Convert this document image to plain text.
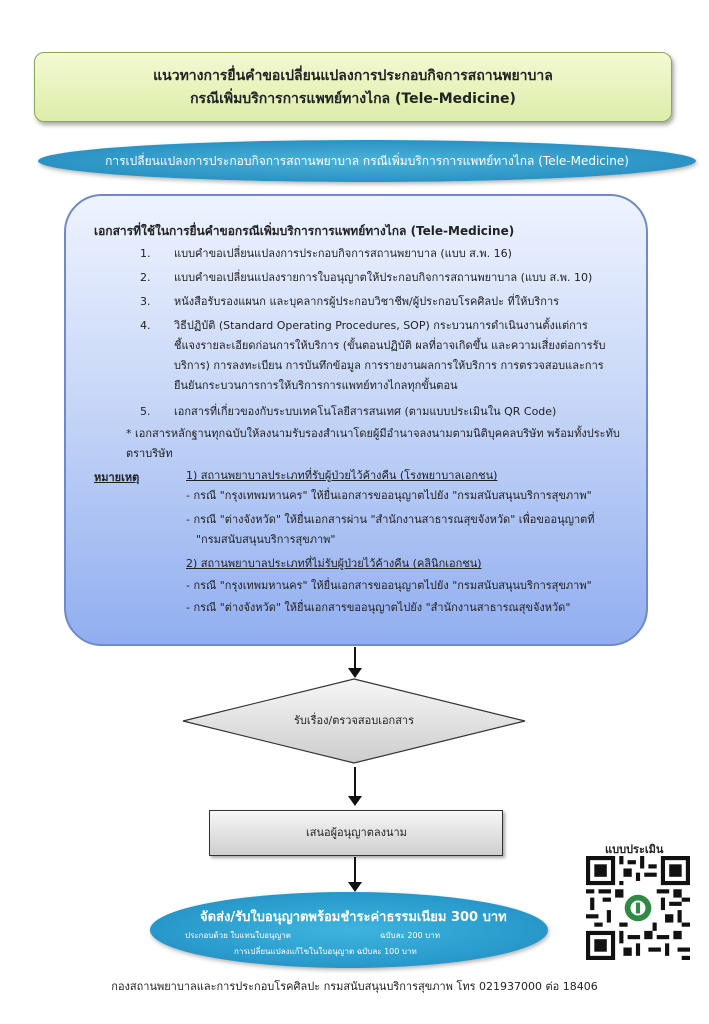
แนวทางการยื่นคำขอเปลี่ยนแปลงการประกอบกิจการสถานพยาบาล
กรณีเพิ่มบริการการแพทย์ทางไกล (Tele-Medicine)
การเปลี่ยนแปลงการประกอบกิจการสถานพยาบาล กรณีเพิ่มบริการการแพทย์ทางไกล (Tele-Medicine)
เอกสารที่ใช้ในการยื่นคำขอกรณีเพิ่มบริการการแพทย์ทางไกล (Tele-Medicine)
1.	แบบคำขอเปลี่ยนแปลงการประกอบกิจการสถานพยาบาล (แบบ ส.พ. 16)
2.	แบบคำขอเปลี่ยนแปลงรายการใบอนุญาตให้ประกอบกิจการสถานพยาบาล (แบบ ส.พ. 10)
3.	หนังสือรับรองแผนก และบุคลากรผู้ประกอบวิชาชีพ/ผู้ประกอบโรคศิลปะ ที่ให้บริการ
4.	วิธีปฏิบัติ (Standard Operating Procedures, SOP) กระบวนการดำเนินงานตั้งแต่การชี้แจงรายละเอียดก่อนการให้บริการ (ขั้นตอนปฏิบัติ ผลที่อาจเกิดขึ้น และความเสี่ยงต่อการรับบริการ) การลงทะเบียน การบันทึกข้อมูล การรายงานผลการให้บริการ การตรวจสอบและการยืนยันกระบวนการการให้บริการการแพทย์ทางไกลทุกขั้นตอน
5.	เอกสารที่เกี่ยวของกับระบบเทคโนโลยีสารสนเทศ (ตามแบบประเมินใน QR Code)
* เอกสารหลักฐานทุกฉบับให้ลงนามรับรองสำเนาโดยผู้มีอำนาจลงนามตามนิติบุคคลบริษัท พร้อมทั้งประทับตราบริษัท
หมายเหตุ	1) สถานพยาบาลประเภทที่รับผู้ป่วยไว้ค้างคืน (โรงพยาบาลเอกชน)
- กรณี "กรุงเทพมหานคร" ให้ยื่นเอกสารขออนุญาตไปยัง "กรมสนับสนุนบริการสุขภาพ"
- กรณี "ต่างจังหวัด" ให้ยื่นเอกสารผ่าน "สำนักงานสาธารณสุขจังหวัด" เพื่อขออนุญาตที่
"กรมสนับสนุนบริการสุขภาพ"
2) สถานพยาบาลประเภทที่ไม่รับผู้ป่วยไว้ค้างคืน (คลินิกเอกชน)
- กรณี "กรุงเทพมหานคร" ให้ยื่นเอกสารขออนุญาตไปยัง "กรมสนับสนุนบริการสุขภาพ"
- กรณี "ต่างจังหวัด" ให้ยื่นเอกสารขออนุญาตไปยัง "สำนักงานสาธารณสุขจังหวัด"
รับเรื่อง/ตรวจสอบเอกสาร
เสนอผู้อนุญาตลงนาม
จัดส่ง/รับใบอนุญาตพร้อมชำระค่าธรรมเนียม 300 บาท
ประกอบด้วย ใบแทนใบอนุญาต	ฉบับละ 200 บาท
การเปลี่ยนแปลงแก้ไขในใบอนุญาต ฉบับละ 100 บาท
แบบประเมิน
กองสถานพยาบาลและการประกอบโรคศิลปะ กรมสนับสนุนบริการสุขภาพ โทร 021937000 ต่อ 18406
